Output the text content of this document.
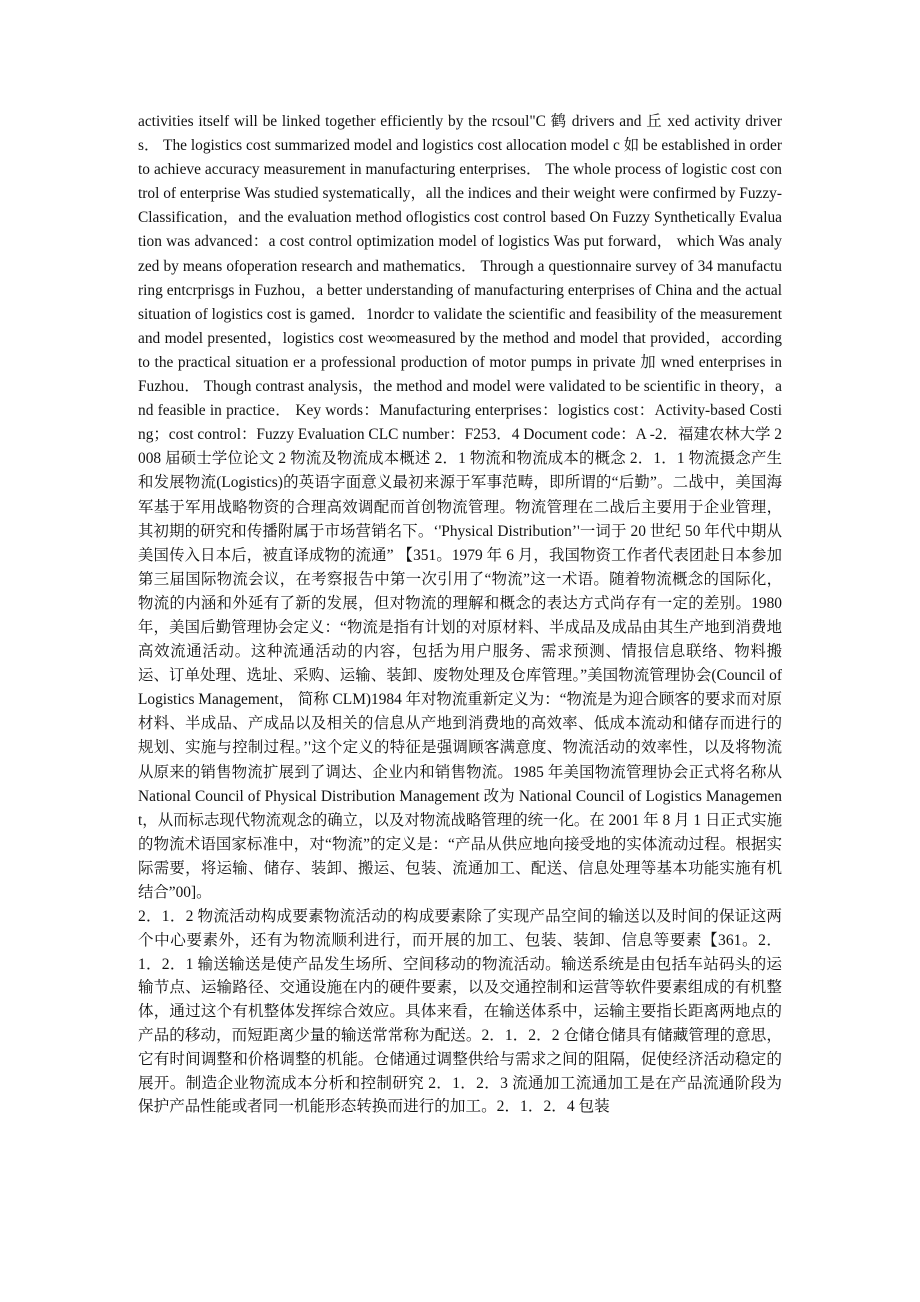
activities itself will be linked together efficiently by the rcsoul"C 鹤 drivers and 丘 xed activity drivers． The logistics cost summarized model and logistics cost allocation model c 如 be established in order to achieve accuracy measurement in manufacturing enterprises． The whole process of logistic cost control of enterprise Was studied systematically，all the indices and their weight were confirmed by Fuzzy-Classification，and the evaluation method oflogistics cost control based On Fuzzy Synthetically Evaluation was advanced：a cost control optimization model of logistics Was put forward， which Was analyzed by means ofoperation research and mathematics． Through a questionnaire survey of 34 manufacturing entcrprisgs in Fuzhou，a better understanding of manufacturing enterprises of China and the actual situation of logistics cost is gamed．1nordcr to validate the scientific and feasibility of the measurement and model presented，logistics cost we∞measured by the method and model that provided，according to the practical situation er a professional production of motor pumps in private 加 wned enterprises in Fuzhou． Though contrast analysis，the method and model were validated to be scientific in theory，and feasible in practice． Key words：Manufacturing enterprises：logistics cost：Activity-based Costing；cost control：Fuzzy Evaluation CLC number：F253．4 Document code：A -2．福建农林大学 2008 届硕士学位论文 2 物流及物流成本概述 2．1 物流和物流成本的概念 2．1．1 物流摄念产生和发展物流(Logistics)的英语字面意义最初来源于军事范畴，即所谓的“后勤”。二战中，美国海军基于军用战略物资的合理高效调配而首创物流管理。物流管理在二战后主要用于企业管理，其初期的研究和传播附属于市场营销名下。‘'Physical Distribution’'一词于 20 世纪 50 年代中期从美国传入日本后，被直译成物的流通” 【351。1979 年 6 月，我国物资工作者代表团赴日本参加第三届国际物流会议，在考察报告中第一次引用了“物流”这一术语。随着物流概念的国际化，物流的内涵和外延有了新的发展，但对物流的理解和概念的表达方式尚存有一定的差别。1980 年，美国后勤管理协会定义：“物流是指有计划的对原材料、半成品及成品由其生产地到消费地高效流通活动。这种流通活动的内容，包括为用户服务、需求预测、情报信息联络、物料搬运、订单处理、选址、采购、运输、装卸、废物处理及仓库管理。”美国物流管理协会(Council ofLogistics Management， 简称 CLM)1984 年对物流重新定义为：“物流是为迎合顾客的要求而对原材料、半成品、产成品以及相关的信息从产地到消费地的高效率、低成本流动和储存而进行的规划、实施与控制过程。’'这个定义的特征是强调顾客满意度、物流活动的效率性，以及将物流从原来的销售物流扩展到了调达、企业内和销售物流。1985 年美国物流管理协会正式将名称从 National Council of Physical Distribution Management 改为 National Council of Logistics Management，从而标志现代物流观念的确立，以及对物流战略管理的统一化。在 2001 年 8 月 1 日正式实施的物流术语国家标准中，对“物流”的定义是：“产品从供应地向接受地的实体流动过程。根据实际需要，将运输、储存、装卸、搬运、包装、流通加工、配送、信息处理等基本功能实施有机结合”00]。

2．1．2 物流活动构成要素物流活动的构成要素除了实现产品空间的输送以及时间的保证这两个中心要素外，还有为物流顺利进行，而开展的加工、包装、装卸、信息等要素【361。2．1．2．1 输送输送是使产品发生场所、空间移动的物流活动。输送系统是由包括车站码头的运输节点、运输路径、交通设施在内的硬件要素，以及交通控制和运营等软件要素组成的有机整体，通过这个有机整体发挥综合效应。具体来看，在输送体系中，运输主要指长距离两地点的产品的移动，而短距离少量的输送常常称为配送。2．1．2．2 仓储仓储具有储藏管理的意思，它有时间调整和价格调整的机能。仓储通过调整供给与需求之间的阻隔，促使经济活动稳定的展开。制造企业物流成本分析和控制研究 2．1．2．3 流通加工流通加工是在产品流通阶段为保护产品性能或者同一机能形态转换而进行的加工。2．1．2．4 包装
